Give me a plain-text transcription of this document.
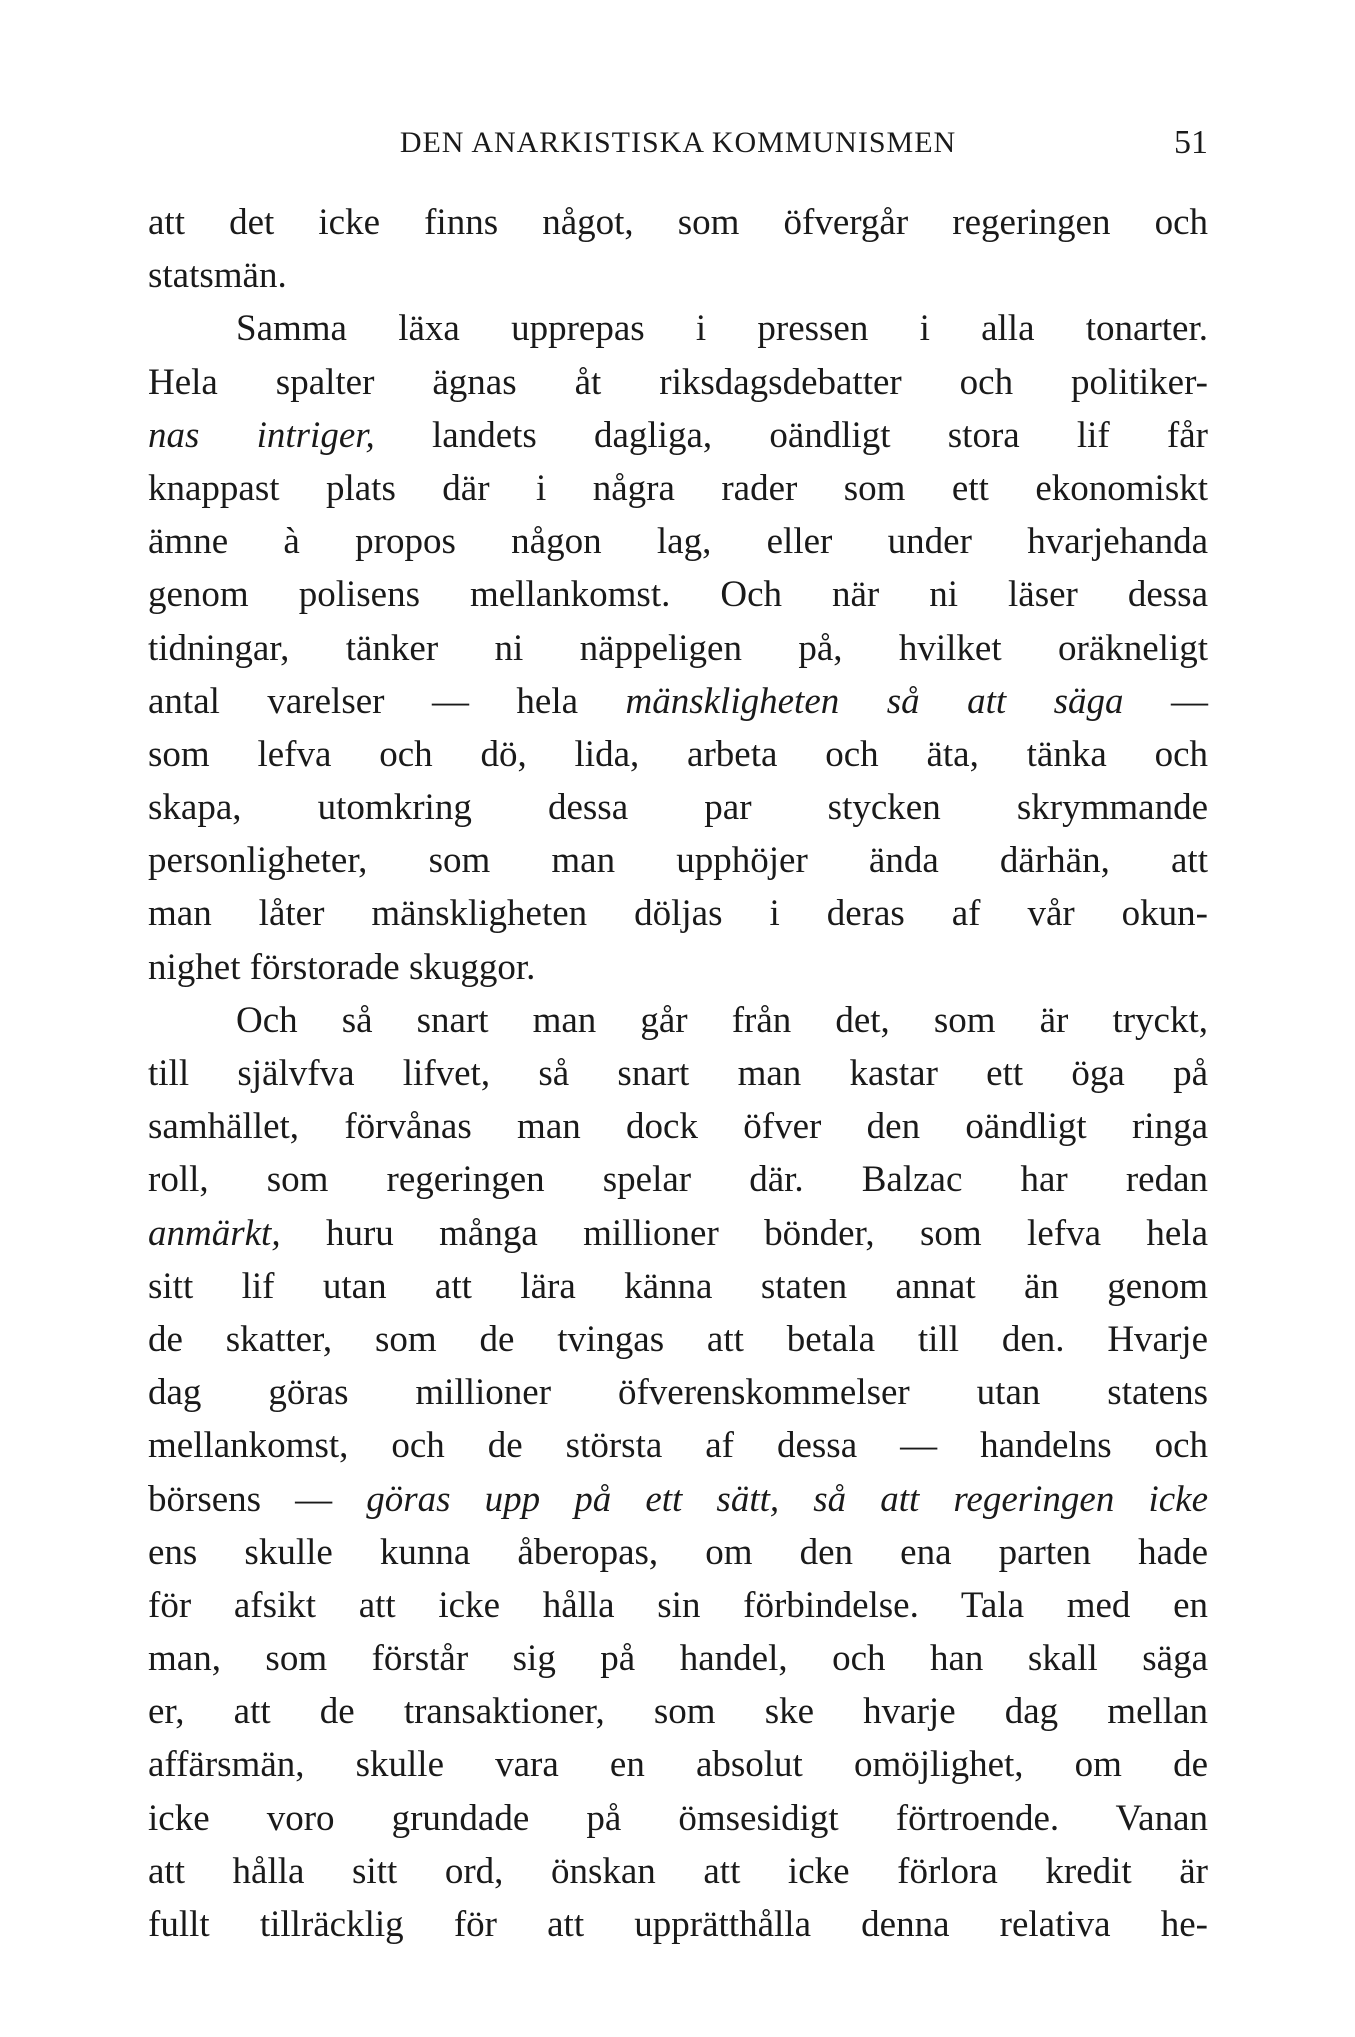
DEN ANARKISTISKA KOMMUNISMEN	51
att det icke finns något, som öfvergår regeringen och
statsmän.
Samma läxa upprepas i pressen i alla tonarter.
Hela spalter ägnas åt riksdagsdebatter och politiker-
nas intriger, landets dagliga, oändligt stora lif får
knappast plats där i några rader som ett ekonomiskt
ämne à propos någon lag, eller under hvarjehanda
genom polisens mellankomst. Och när ni läser dessa
tidningar, tänker ni näppeligen på, hvilket oräkneligt
antal varelser — hela mänskligheten så att säga —
som lefva och dö, lida, arbeta och äta, tänka och
skapa, utomkring dessa par stycken skrymmande
personligheter, som man upphöjer ända därhän, att
man låter mänskligheten döljas i deras af vår okun-
nighet förstorade skuggor.
Och så snart man går från det, som är tryckt,
till självfva lifvet, så snart man kastar ett öga på
samhället, förvånas man dock öfver den oändligt ringa
roll, som regeringen spelar där. Balzac har redan
anmärkt, huru många millioner bönder, som lefva hela
sitt lif utan att lära känna staten annat än genom
de skatter, som de tvingas att betala till den. Hvarje
dag göras millioner öfverenskommelser utan statens
mellankomst, och de största af dessa — handelns och
börsens — göras upp på ett sätt, så att regeringen icke
ens skulle kunna åberopas, om den ena parten hade
för afsikt att icke hålla sin förbindelse. Tala med en
man, som förstår sig på handel, och han skall säga
er, att de transaktioner, som ske hvarje dag mellan
affärsmän, skulle vara en absolut omöjlighet, om de
icke voro grundade på ömsesidigt förtroende. Vanan
att hålla sitt ord, önskan att icke förlora kredit är
fullt tillräcklig för att upprätthålla denna relativa he-
